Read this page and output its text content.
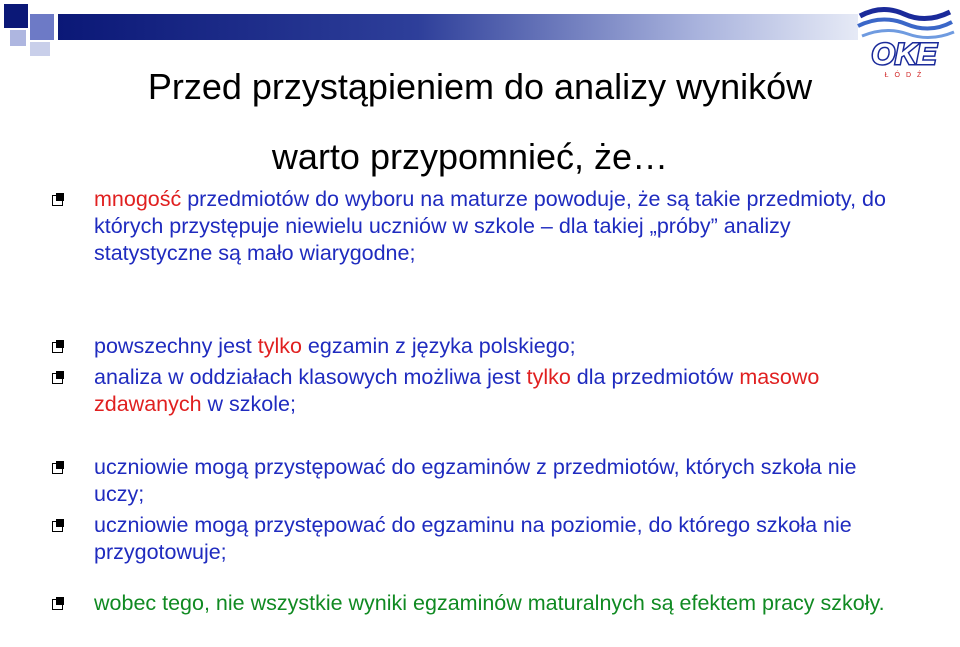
OKE
ŁÓDŹ
Przed przystąpieniem do analizy wyników
warto przypomnieć, że…
mnogość przedmiotów do wyboru na maturze powoduje, że są takie przedmioty, do których przystępuje niewielu uczniów w szkole – dla takiej „próby” analizy statystyczne są mało wiarygodne;
powszechny jest tylko egzamin z języka polskiego;
analiza w oddziałach klasowych możliwa jest tylko dla przedmiotów masowo zdawanych w szkole;
uczniowie mogą przystępować do egzaminów z przedmiotów, których szkoła nie uczy;
uczniowie mogą przystępować do egzaminu na poziomie, do którego szkoła nie przygotowuje;
wobec tego, nie wszystkie wyniki egzaminów maturalnych są efektem pracy szkoły.
